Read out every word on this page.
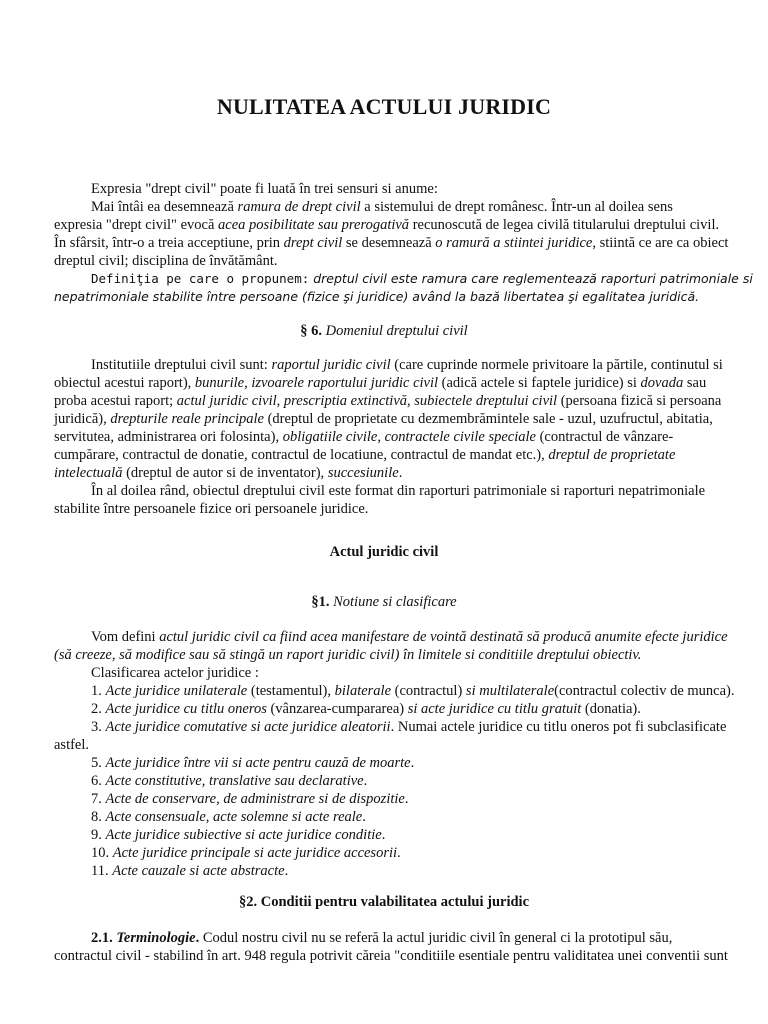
NULITATEA ACTULUI JURIDIC
Expresia "drept civil" poate fi luată în trei sensuri si anume:
Mai întâi ea desemnează ramura de drept civil a sistemului de drept românesc. Într-un al doilea sens
expresia "drept civil" evocă acea posibilitate sau prerogativă recunoscută de legea civilă titularului dreptului civil.
În sfârsit, într-o a treia acceptiune, prin drept civil se desemnează o ramură a stiintei juridice, stiintă ce are ca obiect
dreptul civil; disciplina de învătământ.
Definiţia pe care o propunem: dreptul civil este ramura care reglementează raporturi patrimoniale si
nepatrimoniale stabilite între persoane (fizice şi juridice) având la bază libertatea şi egalitatea juridică.
§ 6. Domeniul dreptului civil
Institutiile dreptului civil sunt: raportul juridic civil (care cuprinde normele privitoare la părtile, continutul si
obiectul acestui raport), bunurile, izvoarele raportului juridic civil (adică actele si faptele juridice) si dovada sau
proba acestui raport; actul juridic civil, prescriptia extinctivă, subiectele dreptului civil (persoana fizică si persoana
juridică), drepturile reale principale (dreptul de proprietate cu dezmembrămintele sale - uzul, uzufructul, abitatia,
servitutea, administrarea ori folosinta), obligatiile civile, contractele civile speciale (contractul de vânzare-
cumpărare, contractul de donatie, contractul de locatiune, contractul de mandat etc.), dreptul de proprietate
intelectuală (dreptul de autor si de inventator), succesiunile.
În al doilea rând, obiectul dreptului civil este format din raporturi patrimoniale si raporturi nepatrimoniale
stabilite între persoanele fizice ori persoanele juridice.
Actul juridic civil
§1. Notiune si clasificare
Vom defini actul juridic civil ca fiind acea manifestare de vointă destinată să producă anumite efecte juridice
(să creeze, să modifice sau să stingă un raport juridic civil) în limitele si conditiile dreptului obiectiv.
Clasificarea actelor juridice :
1. Acte juridice unilaterale (testamentul), bilaterale (contractul) si multilaterale(contractul colectiv de munca).
2. Acte juridice cu titlu oneros (vânzarea-cumpararea) si acte juridice cu titlu gratuit (donatia).
3. Acte juridice comutative si acte juridice aleatorii. Numai actele juridice cu titlu oneros pot fi subclasificate
astfel.
5. Acte juridice între vii si acte pentru cauză de moarte.
6. Acte constitutive, translative sau declarative.
7. Acte de conservare, de administrare si de dispozitie.
8. Acte consensuale, acte solemne si acte reale.
9. Acte juridice subiective si acte juridice conditie.
10. Acte juridice principale si acte juridice accesorii.
11. Acte cauzale si acte abstracte.
§2. Conditii pentru valabilitatea actului juridic
2.1. Terminologie. Codul nostru civil nu se referă la actul juridic civil în general ci la prototipul său,
contractul civil - stabilind în art. 948 regula potrivit căreia "conditiile esentiale pentru validitatea unei conventii sunt
